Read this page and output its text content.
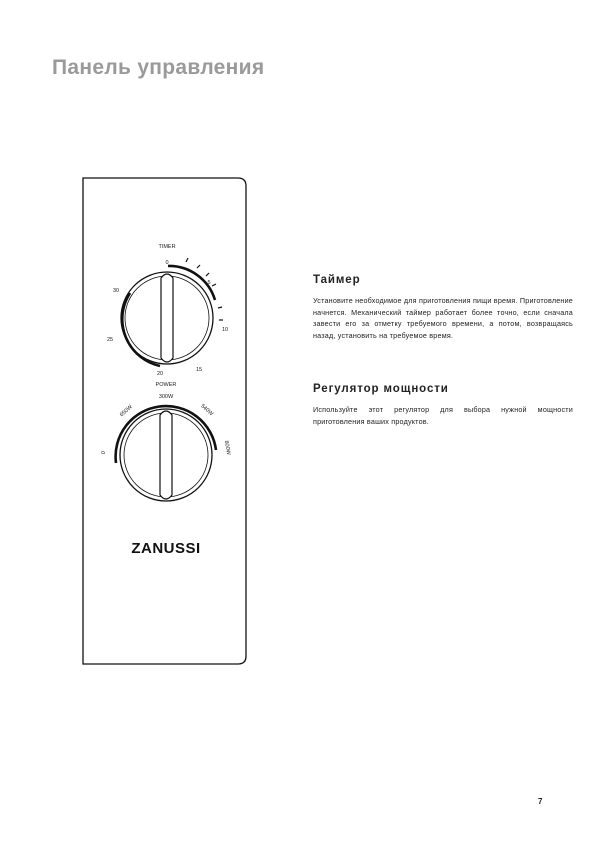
Панель управления
TIMER
0
5
10
15
20
25
30
POWER
0
650W
300W
540W
800W
ZANUSSI
Таймер

Установите необходимое для приготовления пищи время. Приготовление начнется. Механический таймер работает более точно, если сначала завести его за отметку требуемого времени, а потом, возвращаясь назад, установить на требуемое время.

Регулятор мощности

Используйте этот регулятор для выбора нужной мощности приготовления ваших продуктов.

7
